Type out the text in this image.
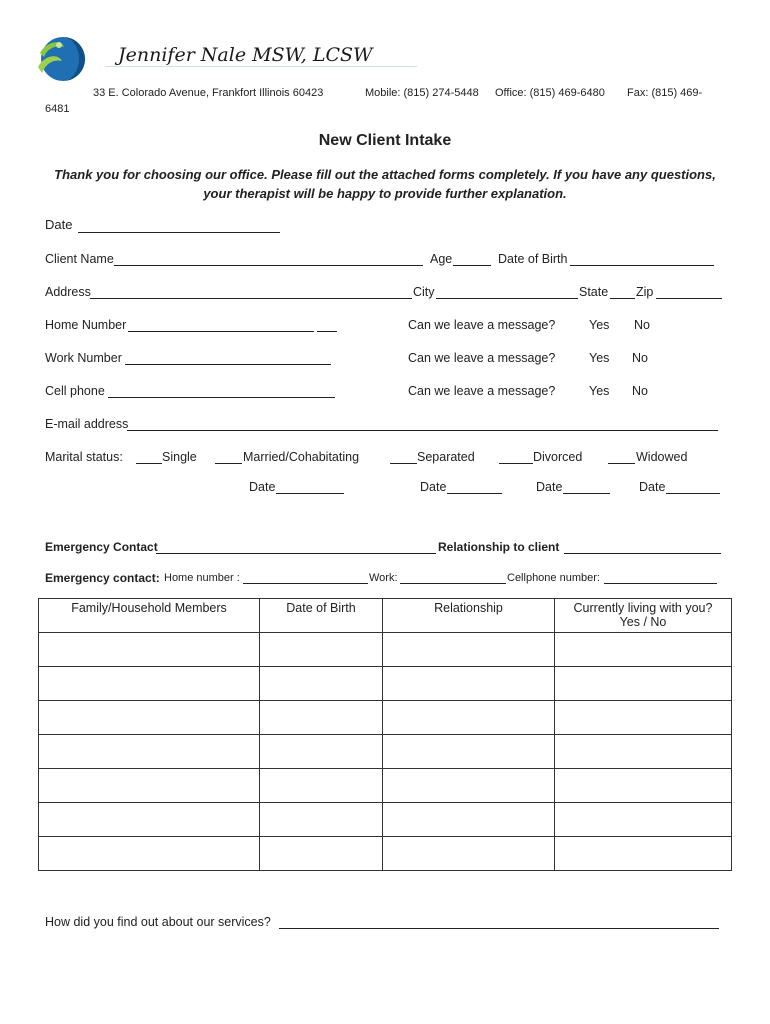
Jennifer Nale MSW, LCSW
33 E. Colorado Avenue, Frankfort Illinois 60423	Mobile: (815) 274-5448 Office: (815) 469-6480 Fax: (815) 469-
6481
New Client Intake
Thank you for choosing our office. Please fill out the attached forms completely. If you have any questions,
your therapist will be happy to provide further explanation.
Date
Client Name	Age	Date of Birth
Address	City	State Zip
Home Number	Can we leave a message?	Yes No
Work Number	Can we leave a message?	Yes No
Cell phone	Can we leave a message?	Yes No
E-mail address
Marital status:	Single	Married/Cohabitating	Separated	Divorced	Widowed
Date	Date	Date	Date
Emergency Contact	Relationship to client
Emergency contact: Home number :	Work:	Cellphone number:
Family/Household Members	Date of Birth	Relationship	Currently living with you?
Yes / No

How did you find out about our services?
